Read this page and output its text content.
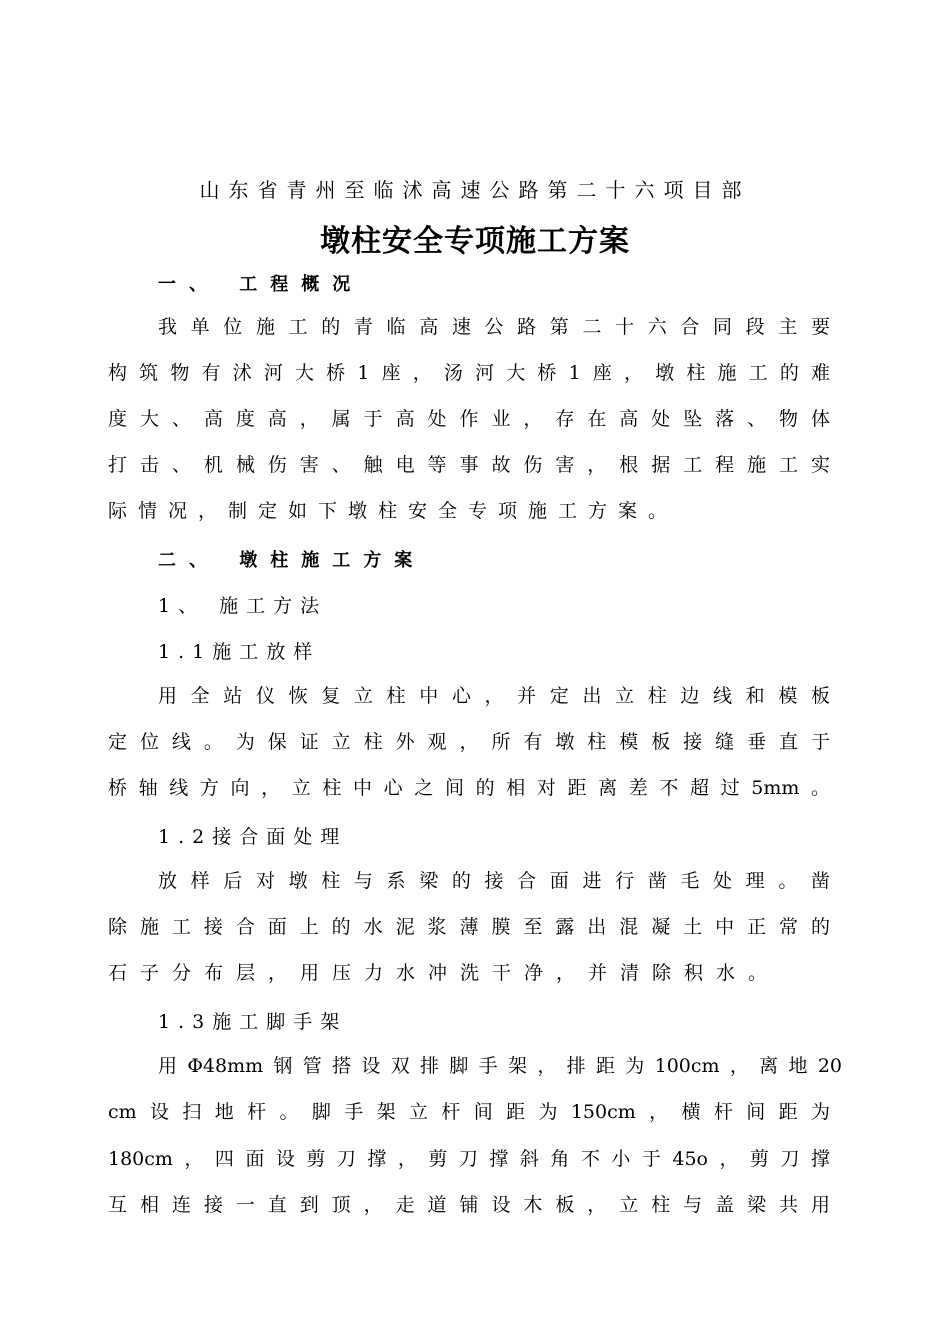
山东省青州至临沭高速公路第二十六项目部
墩柱安全专项施工方案
一、 工程概况
我单位施工的青临高速公路第二十六合同段主要
构筑物有沭河大桥1座，汤河大桥1座，墩柱施工的难
度大、高度高，属于高处作业，存在高处坠落、物体
打击、机械伤害、触电等事故伤害，根据工程施工实
际情况，制定如下墩柱安全专项施工方案。
二、 墩柱施工方案
1、 施工方法
1.1施工放样
用全站仪恢复立柱中心，并定出立柱边线和模板
定位线。为保证立柱外观，所有墩柱模板接缝垂直于
桥轴线方向，立柱中心之间的相对距离差不超过5mm。
1.2接合面处理
放样后对墩柱与系梁的接合面进行凿毛处理。凿
除施工接合面上的水泥浆薄膜至露出混凝土中正常的
石子分布层，用压力水冲洗干净，并清除积水。
1.3施工脚手架
用Φ48mm钢管搭设双排脚手架，排距为100cm，离地20
cm设扫地杆。脚手架立杆间距为150cm，横杆间距为
180cm，四面设剪刀撑，剪刀撑斜角不小于45o，剪刀撑
互相连接一直到顶，走道铺设木板，立柱与盖梁共用
